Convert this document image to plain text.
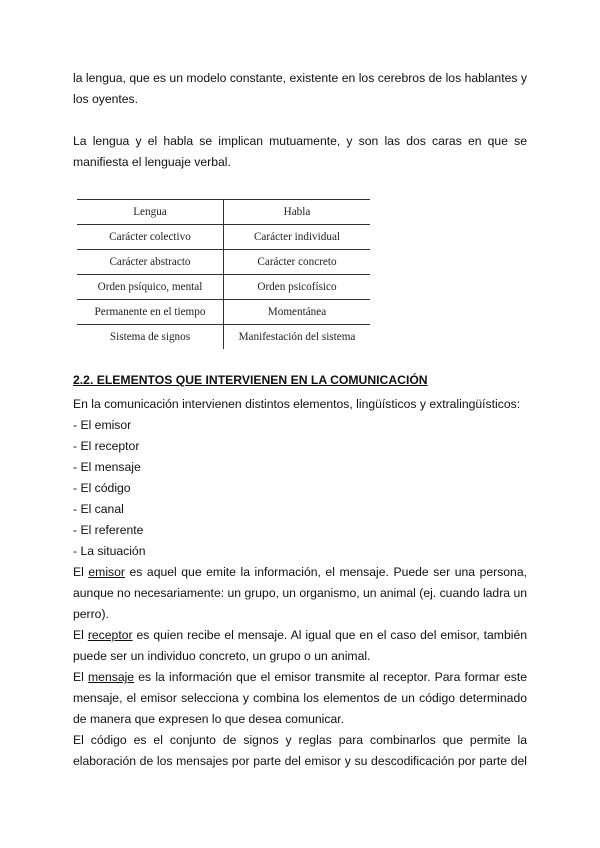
la lengua, que es un modelo constante, existente en los cerebros de los hablantes y
los oyentes.

La lengua y el habla se implican mutuamente, y son las dos caras en que se
manifiesta el lenguaje verbal.

Lengua	Habla
Carácter colectivo	Carácter individual
Carácter abstracto	Carácter concreto
Orden psíquico, mental	Orden psicofísico
Permanente en el tiempo	Momentánea
Sistema de signos	Manifestación del sistema
2.2. ELEMENTOS QUE INTERVIENEN EN LA COMUNICACIÓN

En la comunicación intervienen distintos elementos, lingüísticos y extralingüísticos:
- El emisor
- El receptor
- El mensaje
- El código
- El canal
- El referente
- La situación
El emisor es aquel que emite la información, el mensaje. Puede ser una persona,
aunque no necesariamente: un grupo, un organismo, un animal (ej. cuando ladra un
perro).
El receptor es quien recibe el mensaje. Al igual que en el caso del emisor, también
puede ser un individuo concreto, un grupo o un animal.
El mensaje es la información que el emisor transmite al receptor. Para formar este
mensaje, el emisor selecciona y combina los elementos de un código determinado
de manera que expresen lo que desea comunicar.
El código es el conjunto de signos y reglas para combinarlos que permite la
elaboración de los mensajes por parte del emisor y su descodificación por parte del
